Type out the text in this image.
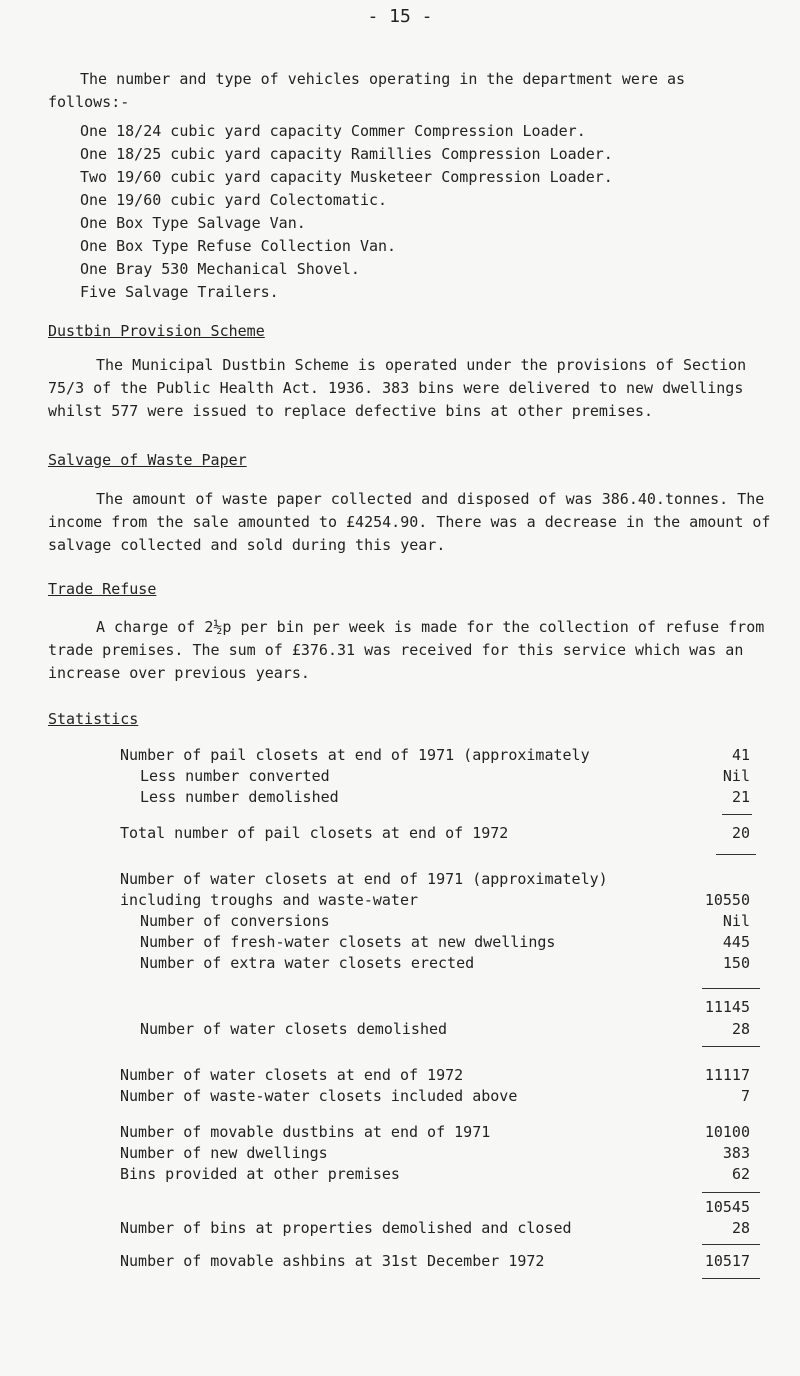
- 15 -
The number and type of vehicles operating in the department were as follows:-
One 18/24 cubic yard capacity Commer Compression Loader.
One 18/25 cubic yard capacity Ramillies Compression Loader.
Two 19/60 cubic yard capacity Musketeer Compression Loader.
One 19/60 cubic yard Colectomatic.
One Box Type Salvage Van.
One Box Type Refuse Collection Van.
One Bray 530 Mechanical Shovel.
Five Salvage Trailers.
Dustbin Provision Scheme
The Municipal Dustbin Scheme is operated under the provisions of Section 75/3 of the Public Health Act. 1936. 383 bins were delivered to new dwellings whilst 577 were issued to replace defective bins at other premises.
Salvage of Waste Paper
The amount of waste paper collected and disposed of was 386.40.tonnes. The income from the sale amounted to £4254.90. There was a decrease in the amount of salvage collected and sold during this year.
Trade Refuse
A charge of 2½p per bin per week is made for the collection of refuse from trade premises. The sum of £376.31 was received for this service which was an increase over previous years.
Statistics
Number of pail closets at end of 1971 (approximately	41
Less number converted	Nil
Less number demolished	21
Total number of pail closets at end of 1972	20
Number of water closets at end of 1971 (approximately)
including troughs and waste-water	10550
Number of conversions	Nil
Number of fresh-water closets at new dwellings	445
Number of extra water closets erected	150
11145
Number of water closets demolished	28
Number of water closets at end of 1972	11117
Number of waste-water closets included above	7
Number of movable dustbins at end of 1971	10100
Number of new dwellings	383
Bins provided at other premises	62
10545
Number of bins at properties demolished and closed	28
Number of movable ashbins at 31st December 1972	10517
